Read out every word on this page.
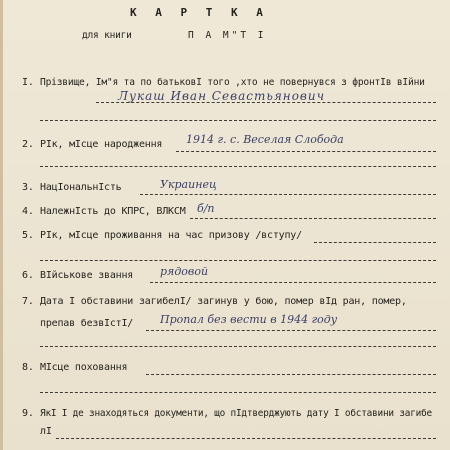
К А Р Т К А
для книги	П А М"Т І
I. Прізвище, Ім"я та по батьковІ того ,хто не повернувся з фронтІв вІйни
Лукаш Иван Севастьянович
2. РІк, мІсце народження 1914 г. с. Веселая Слобода
3. НацІональнІсть	Украинец
4. НалежнІсть до КПРС, ВЛКСМ б/п
5. РІк, мІсце проживання на час призову /вступу/
6. ВІйськове звання рядовой
7. Дата І обставини загибелІ/ загинув у бою, помер вІд ран, помер,
препав безвІстІ/ Пропал без вести в 1944 году
8. МІсце поховання
9. ЯкІ І де знаходяться документи, що пІдтверджують дату І обставини загибе
лІ
